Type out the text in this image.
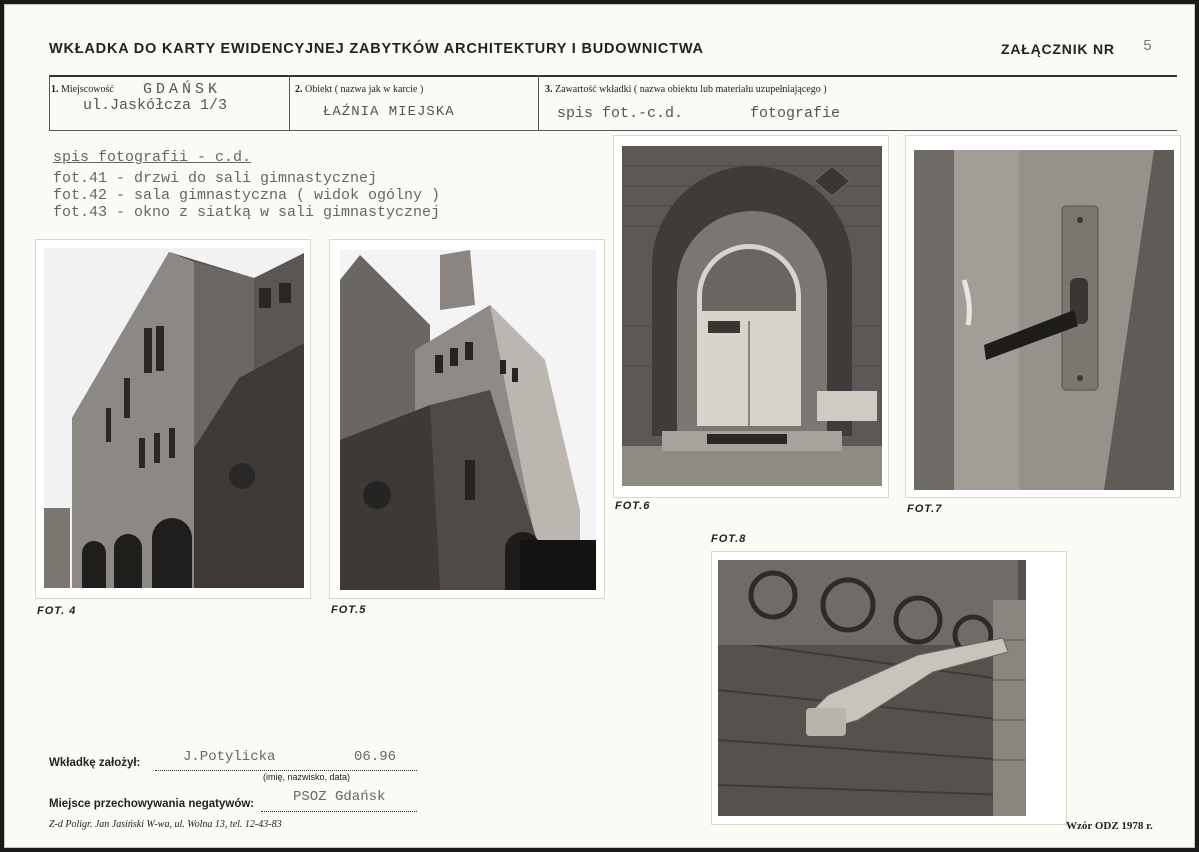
WKŁADKA DO KARTY EWIDENCYJNEJ ZABYTKÓW ARCHITEKTURY I BUDOWNICTWA	ZAŁĄCZNIK NR 5
1. Miejscowość GDAŃSK
ul.Jaskółcza 1/3
2. Obiekt ( nazwa jak w karcie )
ŁAŹNIA MIEJSKA
3. Zawartość wkładki ( nazwa obiektu lub materiału uzupełniającego )
spis fot.-c.d.	fotografie
spis fotografii - c.d.
fot.41 - drzwi do sali gimnastycznej
fot.42 - sala gimnastyczna ( widok ogólny )
fot.43 - okno z siatką w sali gimnastycznej
FOT. 4	FOT.5
FOT.6	FOT.7
FOT.8
Wkładkę założył:	J.Potylicka	06.96
(imię, nazwisko, data)
Miejsce przechowywania negatywów:	PSOZ Gdańsk
Z-d Poligr. Jan Jasiński W-wa, ul. Wolna 13, tel. 12-43-83	Wzór ODZ 1978 r.
